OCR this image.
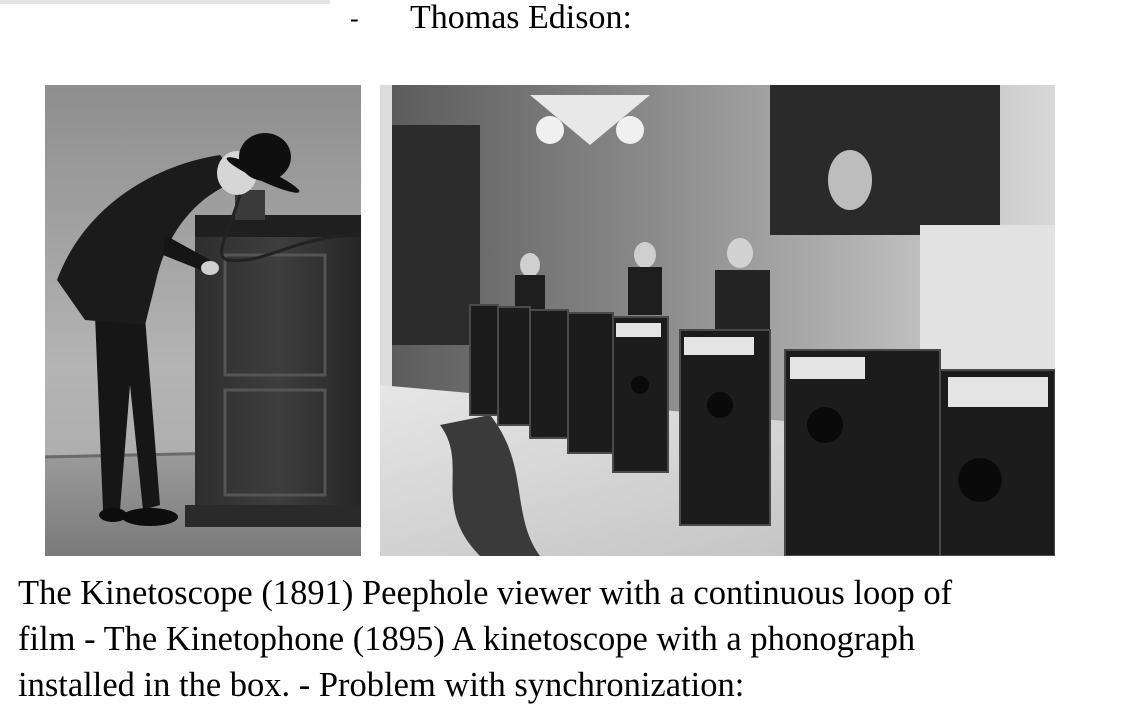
- Thomas Edison:

The Kinetoscope (1891) Peephole viewer with a continuous loop of
film - The Kinetophone (1895) A kinetoscope with a phonograph
installed in the box. - Problem with synchronization:
